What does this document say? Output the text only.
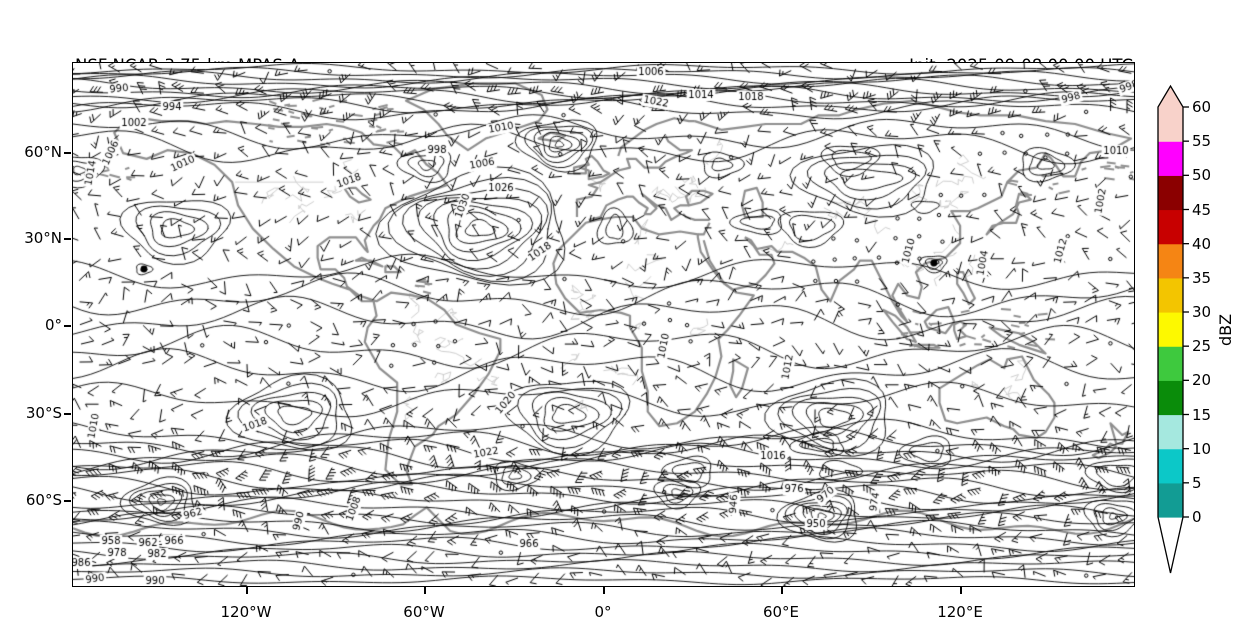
dBZ
60°N
30°N
0°
30°S
60°S
120°W	60°W	0°	60°E	120°E
0
5
10
15
20
25
30
35
40
45
50
55
60
